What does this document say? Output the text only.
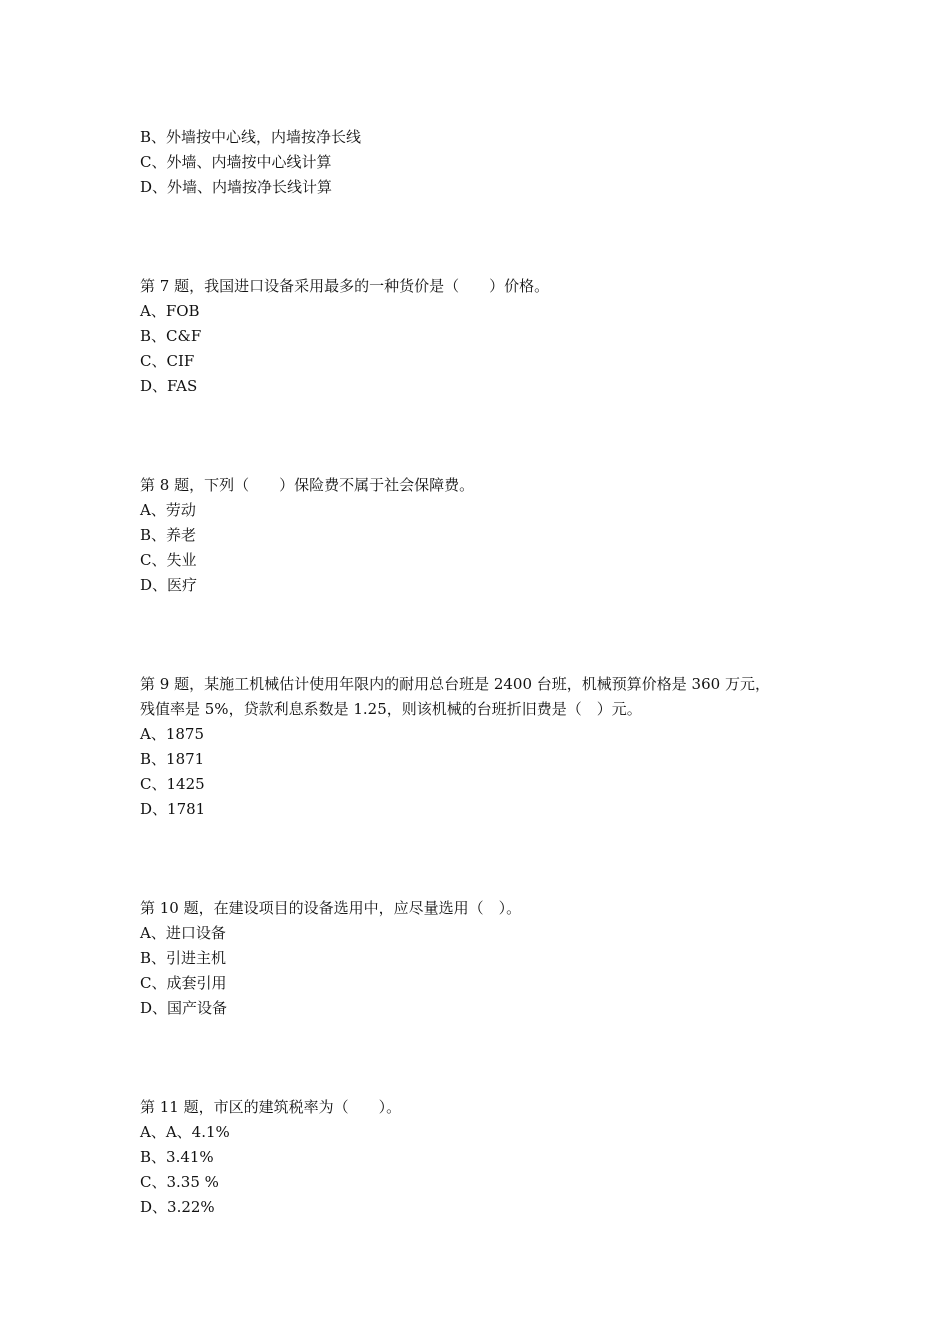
B、外墙按中心线，内墙按净长线

C、外墙、内墙按中心线计算

D、外墙、内墙按净长线计算

第 7 题，我国进口设备采用最多的一种货价是（　　）价格。

A、FOB

B、C&F

C、CIF

D、FAS

第 8 题，下列（　　）保险费不属于社会保障费。

A、劳动

B、养老

C、失业

D、医疗

第 9 题，某施工机械估计使用年限内的耐用总台班是 2400 台班，机械预算价格是 360 万元，

残值率是 5%，贷款利息系数是 1.25，则该机械的台班折旧费是（　）元。

A、1875

B、1871

C、1425

D、1781

第 10 题，在建设项目的设备选用中，应尽量选用（　）。

A、进口设备

B、引进主机

C、成套引用

D、国产设备

第 11 题，市区的建筑税率为（　　）。

A、A、4.1%

B、3.41%

C、3.35 %

D、3.22%
